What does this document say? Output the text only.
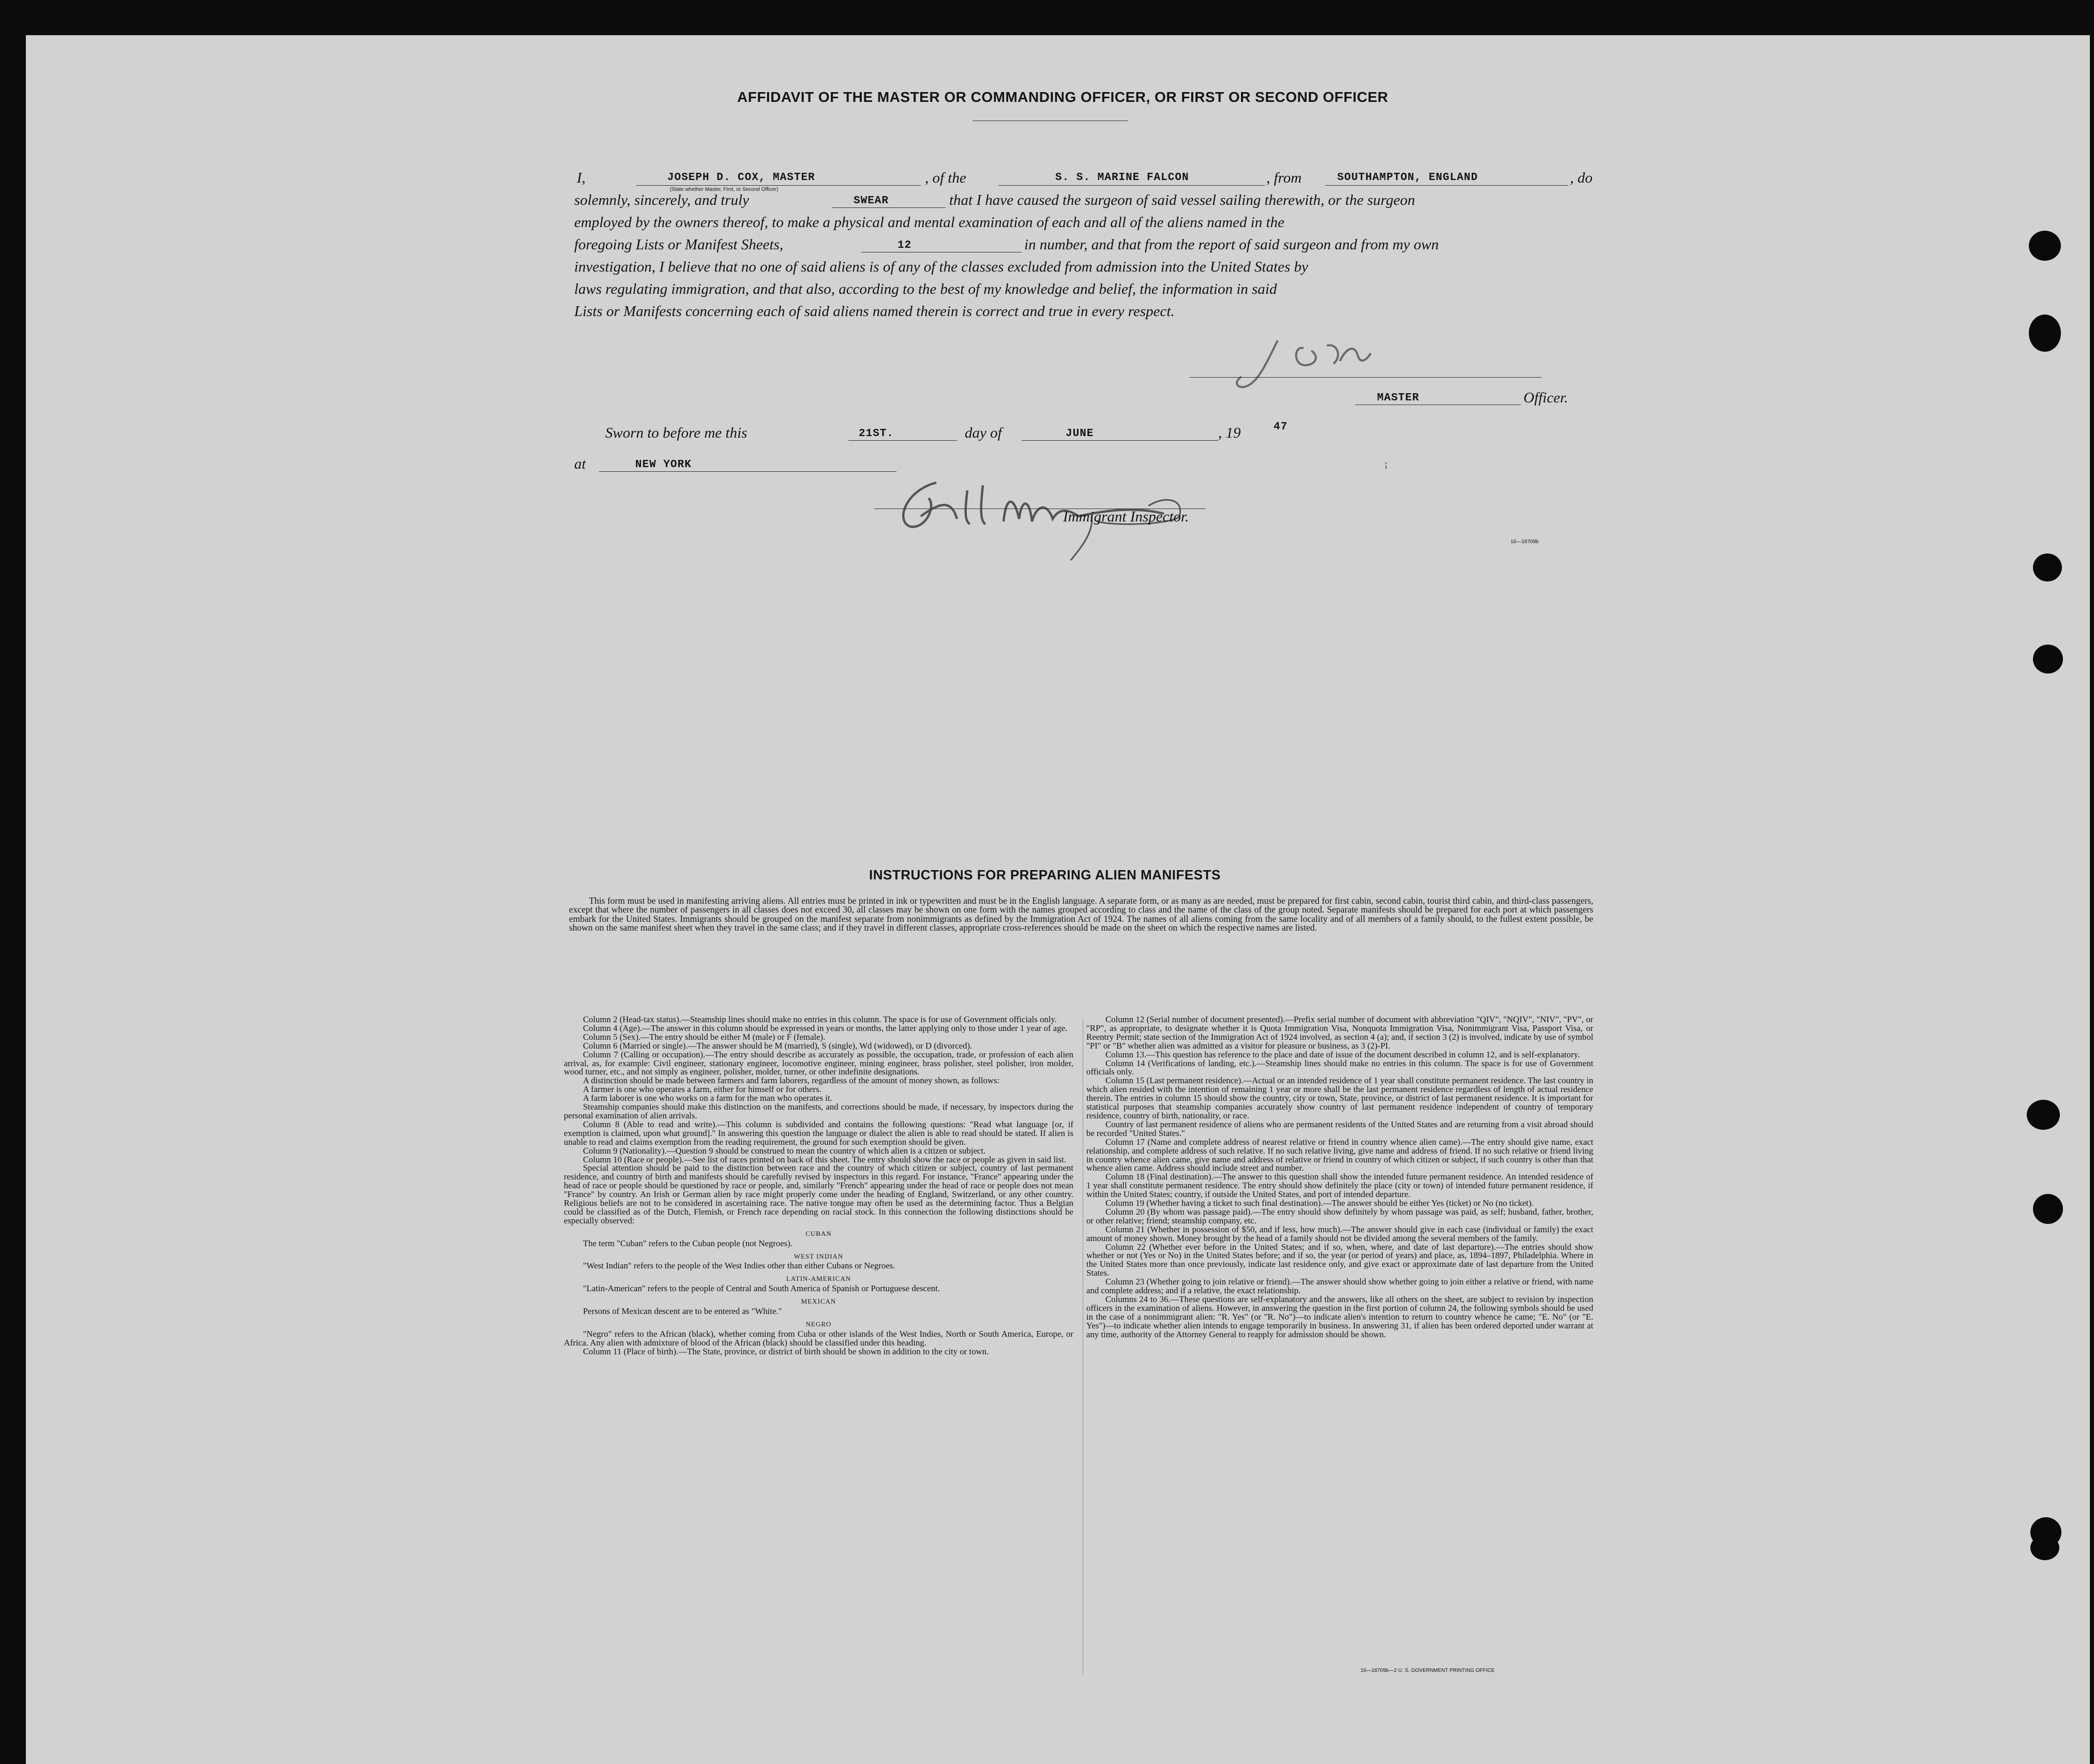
AFFIDAVIT OF THE MASTER OR COMMANDING OFFICER, OR FIRST OR SECOND OFFICER
I,	JOSEPH D. COX, MASTER
(State whether Master, First, or Second Officer)
, of the	S. S. MARINE FALCON	, from	SOUTHAMPTON, ENGLAND	, do
solemnly, sincerely, and truly	SWEAR	that I have caused the surgeon of said vessel sailing therewith, or the surgeon
employed by the owners thereof, to make a physical and mental examination of each and all of the aliens named in the
foregoing Lists or Manifest Sheets,	12	in number, and that from the report of said surgeon and from my own
investigation, I believe that no one of said aliens is of any of the classes excluded from admission into the United States by
laws regulating immigration, and that also, according to the best of my knowledge and belief, the information in said
Lists or Manifests concerning each of said aliens named therein is correct and true in every respect.
MASTER	Officer.
Sworn to before me this	21ST.	day of	JUNE	, 19	47
at	NEW YORK	ꜟ
Immigrant Inspector.
16—18709b
INSTRUCTIONS FOR PREPARING ALIEN MANIFESTS

This form must be used in manifesting arriving aliens. All entries must be printed in ink or typewritten and must be in the English language. A separate form, or as many as are needed, must be prepared for first cabin, second cabin, tourist third cabin, and third-class passengers, except that where the number of passengers in all classes does not exceed 30, all classes may be shown on one form with the names grouped according to class and the name of the class of the group noted. Separate manifests should be prepared for each port at which passengers embark for the United States. Immigrants should be grouped on the manifest separate from nonimmigrants as defined by the Immigration Act of 1924. The names of all aliens coming from the same locality and of all members of a family should, to the fullest extent possible, be shown on the same manifest sheet when they travel in the same class; and if they travel in different classes, appropriate cross-references should be made on the sheet on which the respective names are listed.

Column 2 (Head-tax status).—Steamship lines should make no entries in this column. The space is for use of Government officials only.

Column 4 (Age).—The answer in this column should be expressed in years or months, the latter applying only to those under 1 year of age.

Column 5 (Sex).—The entry should be either M (male) or F (female).

Column 6 (Married or single).—The answer should be M (married), S (single), Wd (widowed), or D (divorced).

Column 7 (Calling or occupation).—The entry should describe as accurately as possible, the occupation, trade, or profession of each alien arrival, as, for example: Civil engineer, stationary engineer, locomotive engineer, mining engineer, brass polisher, steel polisher, iron molder, wood turner, etc., and not simply as engineer, polisher, molder, turner, or other indefinite designations.

A distinction should be made between farmers and farm laborers, regardless of the amount of money shown, as follows:

A farmer is one who operates a farm, either for himself or for others.

A farm laborer is one who works on a farm for the man who operates it.

Steamship companies should make this distinction on the manifests, and corrections should be made, if necessary, by inspectors during the personal examination of alien arrivals.

Column 8 (Able to read and write).—This column is subdivided and contains the following questions: "Read what language [or, if exemption is claimed, upon what ground]." In answering this question the language or dialect the alien is able to read should be stated. If alien is unable to read and claims exemption from the reading requirement, the ground for such exemption should be given.

Column 9 (Nationality).—Question 9 should be construed to mean the country of which alien is a citizen or subject.

Column 10 (Race or people).—See list of races printed on back of this sheet. The entry should show the race or people as given in said list.

Special attention should be paid to the distinction between race and the country of which citizen or subject, country of last permanent residence, and country of birth and manifests should be carefully revised by inspectors in this regard. For instance, "France" appearing under the head of race or people should be questioned by race or people, and, similarly "French" appearing under the head of race or people does not mean "France" by country. An Irish or German alien by race might properly come under the heading of England, Switzerland, or any other country. Religious beliefs are not to be considered in ascertaining race. The native tongue may often be used as the determining factor. Thus a Belgian could be classified as of the Dutch, Flemish, or French race depending on racial stock. In this connection the following distinctions should be especially observed:

CUBAN

The term "Cuban" refers to the Cuban people (not Negroes).

WEST INDIAN

"West Indian" refers to the people of the West Indies other than either Cubans or Negroes.

LATIN-AMERICAN

"Latin-American" refers to the people of Central and South America of Spanish or Portuguese descent.

MEXICAN

Persons of Mexican descent are to be entered as "White."

NEGRO

"Negro" refers to the African (black), whether coming from Cuba or other islands of the West Indies, North or South America, Europe, or Africa. Any alien with admixture of blood of the African (black) should be classified under this heading.

Column 11 (Place of birth).—The State, province, or district of birth should be shown in addition to the city or town.

Column 12 (Serial number of document presented).—Prefix serial number of document with abbreviation "QIV", "NQIV", "NIV", "PV", or "RP", as appropriate, to designate whether it is Quota Immigration Visa, Nonquota Immigration Visa, Nonimmigrant Visa, Passport Visa, or Reentry Permit; state section of the Immigration Act of 1924 involved, as section 4 (a); and, if section 3 (2) is involved, indicate by use of symbol "PI" or "B" whether alien was admitted as a visitor for pleasure or business, as 3 (2)-PI.

Column 13.—This question has reference to the place and date of issue of the document described in column 12, and is self-explanatory.

Column 14 (Verifications of landing, etc.).—Steamship lines should make no entries in this column. The space is for use of Government officials only.

Column 15 (Last permanent residence).—Actual or an intended residence of 1 year shall constitute permanent residence. The last country in which alien resided with the intention of remaining 1 year or more shall be the last permanent residence regardless of length of actual residence therein. The entries in column 15 should show the country, city or town, State, province, or district of last permanent residence. It is important for statistical purposes that steamship companies accurately show country of last permanent residence independent of country of temporary residence, country of birth, nationality, or race.

Country of last permanent residence of aliens who are permanent residents of the United States and are returning from a visit abroad should be recorded "United States."

Column 17 (Name and complete address of nearest relative or friend in country whence alien came).—The entry should give name, exact relationship, and complete address of such relative. If no such relative living, give name and address of friend. If no such relative or friend living in country whence alien came, give name and address of relative or friend in country of which citizen or subject, if such country is other than that whence alien came. Address should include street and number.

Column 18 (Final destination).—The answer to this question shall show the intended future permanent residence. An intended residence of 1 year shall constitute permanent residence. The entry should show definitely the place (city or town) of intended future permanent residence, if within the United States; country, if outside the United States, and port of intended departure.

Column 19 (Whether having a ticket to such final destination).—The answer should be either Yes (ticket) or No (no ticket).

Column 20 (By whom was passage paid).—The entry should show definitely by whom passage was paid, as self; husband, father, brother, or other relative; friend; steamship company, etc.

Column 21 (Whether in possession of $50, and if less, how much).—The answer should give in each case (individual or family) the exact amount of money shown. Money brought by the head of a family should not be divided among the several members of the family.

Column 22 (Whether ever before in the United States; and if so, when, where, and date of last departure).—The entries should show whether or not (Yes or No) in the United States before; and if so, the year (or period of years) and place, as, 1894–1897, Philadelphia. Where in the United States more than once previously, indicate last residence only, and give exact or approximate date of last departure from the United States.

Column 23 (Whether going to join relative or friend).—The answer should show whether going to join either a relative or friend, with name and complete address; and if a relative, the exact relationship.

Columns 24 to 36.—These questions are self-explanatory and the answers, like all others on the sheet, are subject to revision by inspection officers in the examination of aliens. However, in answering the question in the first portion of column 24, the following symbols should be used in the case of a nonimmigrant alien: "R. Yes" (or "R. No")—to indicate alien's intention to return to country whence he came; "E. No" (or "E. Yes")—to indicate whether alien intends to engage temporarily in business. In answering 31, if alien has been ordered deported under warrant at any time, authority of the Attorney General to reapply for admission should be shown.

16—18709b—2 U. S. GOVERNMENT PRINTING OFFICE
